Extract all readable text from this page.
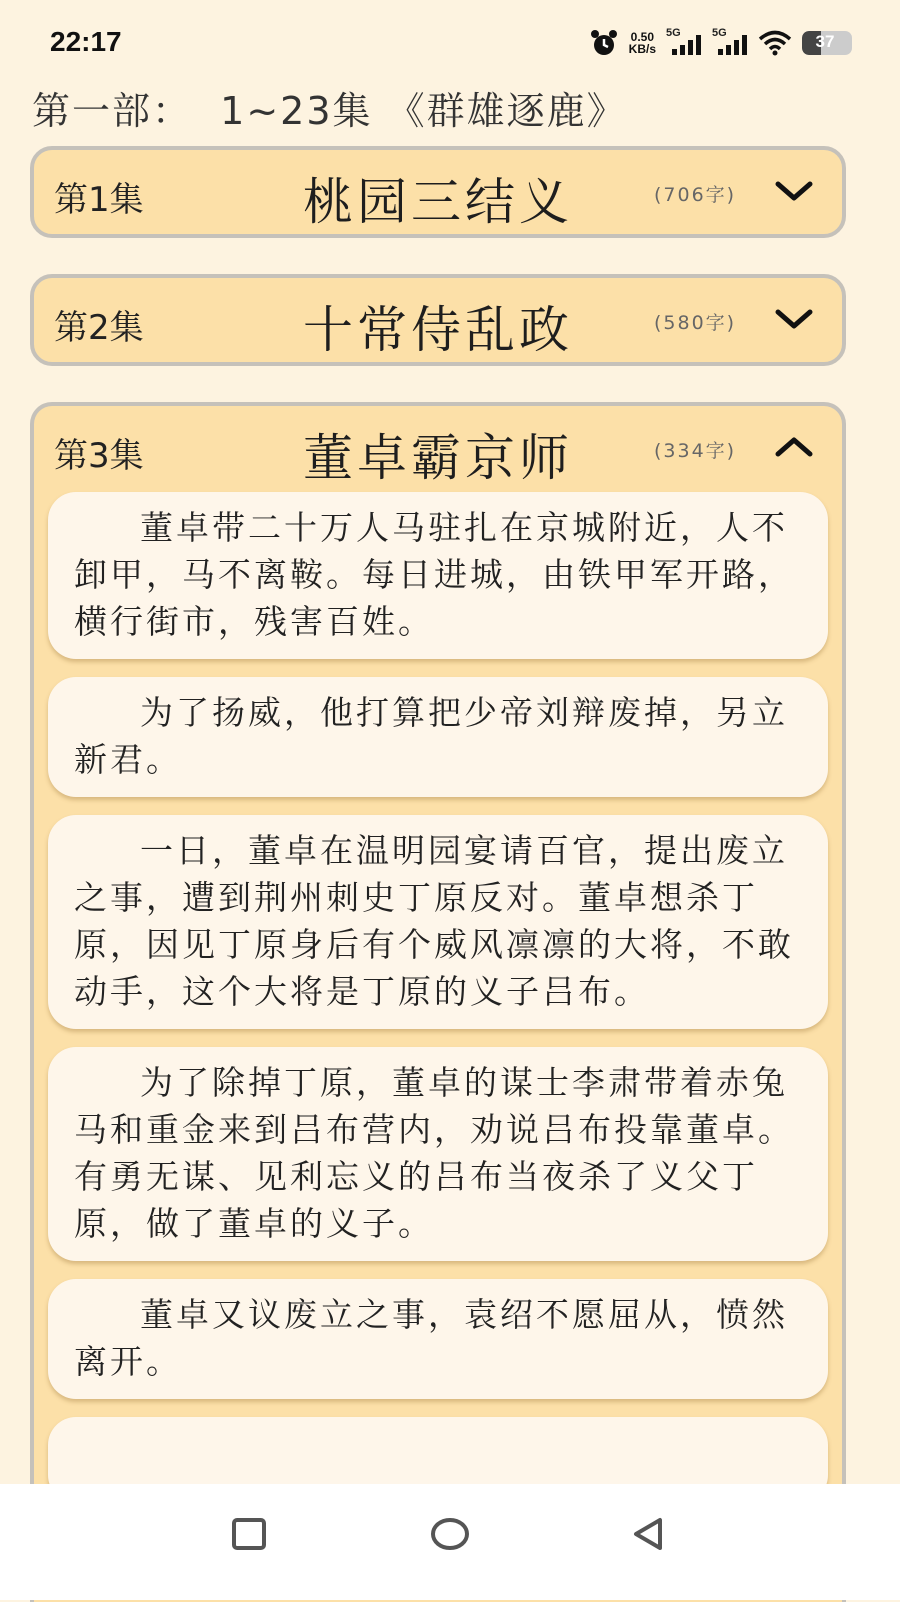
22:17	0.50
KB/s
5G	5G	37
第一部：  1~23集 《群雄逐鹿》
第1集	桃园三结义	(706字)
第2集	十常侍乱政	(580字)
第3集	董卓霸京师	(334字)

董卓带二十万人马驻扎在京城附近，人不卸甲，马不离鞍。每日进城，由铁甲军开路，横行街市，残害百姓。

为了扬威，他打算把少帝刘辩废掉，另立新君。

一日，董卓在温明园宴请百官，提出废立之事，遭到荆州刺史丁原反对。董卓想杀丁原，因见丁原身后有个威风凛凛的大将，不敢动手，这个大将是丁原的义子吕布。

为了除掉丁原，董卓的谋士李肃带着赤兔马和重金来到吕布营内，劝说吕布投靠董卓。有勇无谋、见利忘义的吕布当夜杀了义父丁原，做了董卓的义子。

董卓又议废立之事，袁绍不愿屈从，愤然离开。
